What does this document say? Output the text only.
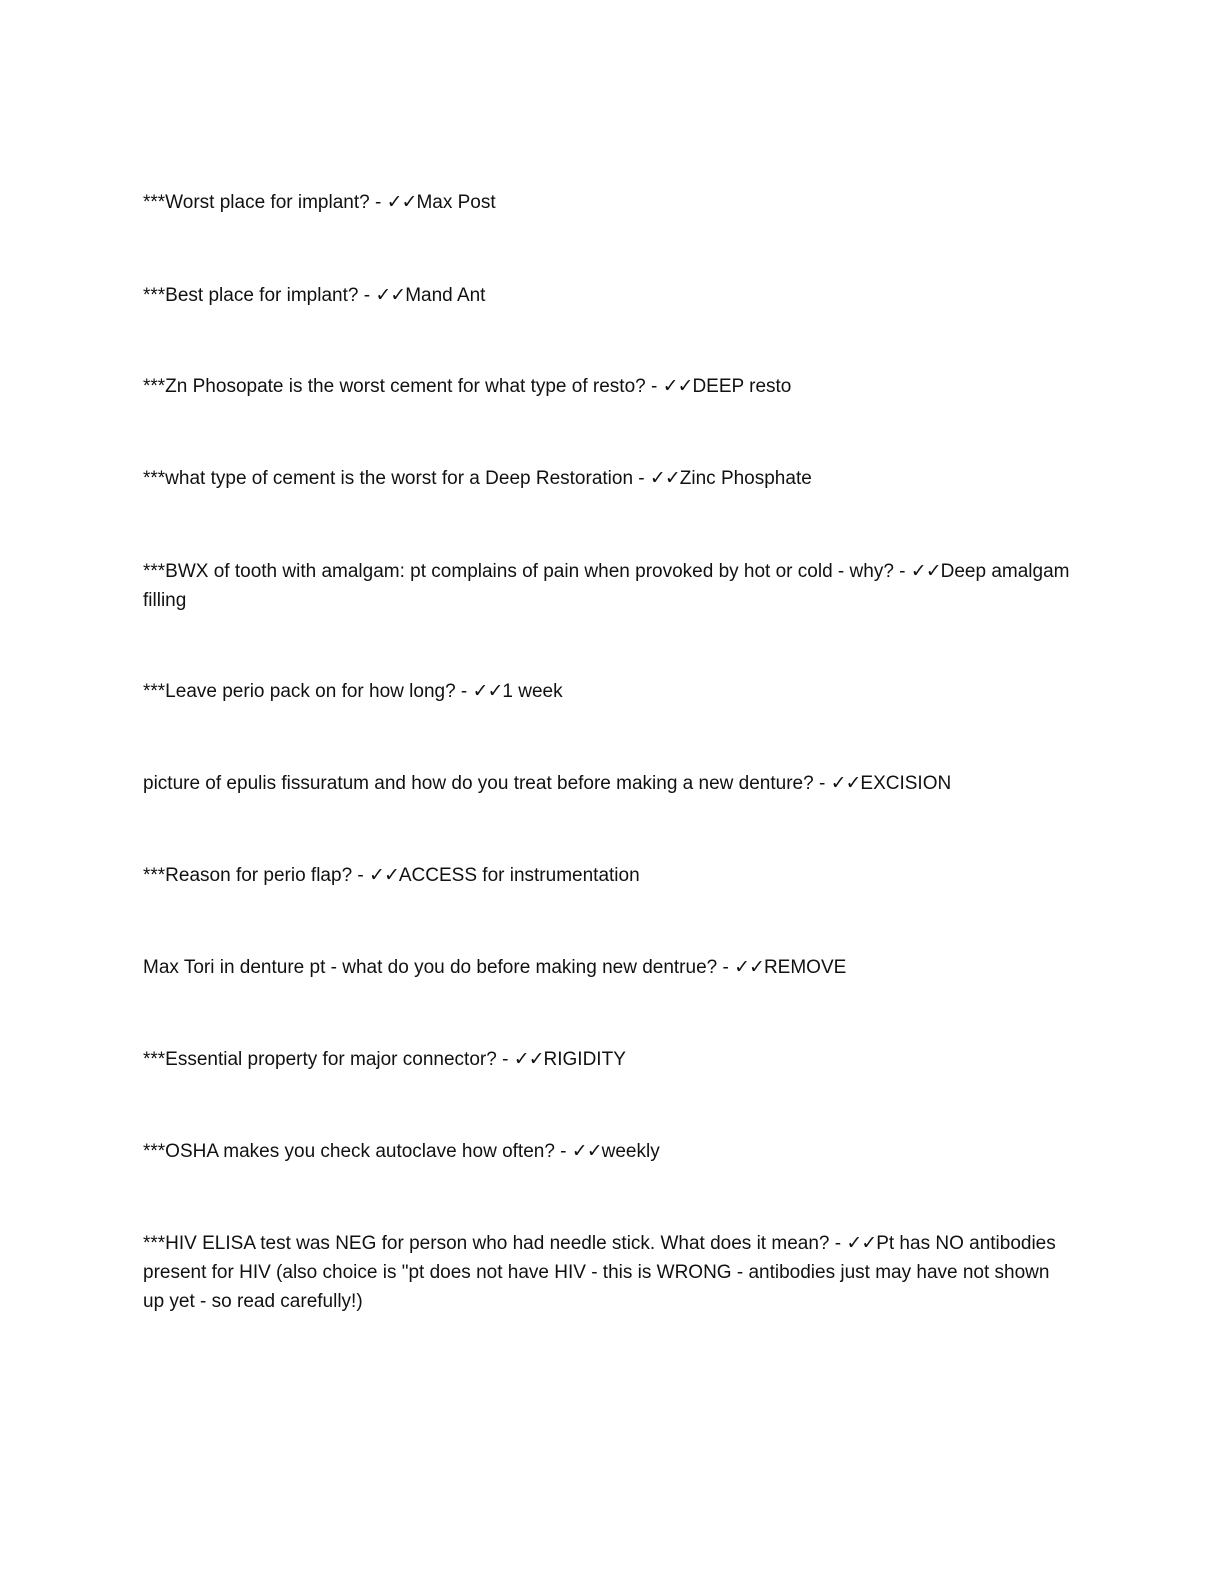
***Worst place for implant? - ✓✓Max Post

***Best place for implant? - ✓✓Mand Ant

***Zn Phosopate is the worst cement for what type of resto? - ✓✓DEEP resto

***what type of cement is the worst for a Deep Restoration - ✓✓Zinc Phosphate

***BWX of tooth with amalgam: pt complains of pain when provoked by hot or cold - why? - ✓✓Deep amalgam filling

***Leave perio pack on for how long? - ✓✓1 week

picture of epulis fissuratum and how do you treat before making a new denture? - ✓✓EXCISION

***Reason for perio flap? - ✓✓ACCESS for instrumentation

Max Tori in denture pt - what do you do before making new dentrue? - ✓✓REMOVE

***Essential property for major connector? - ✓✓RIGIDITY

***OSHA makes you check autoclave how often? - ✓✓weekly

***HIV ELISA test was NEG for person who had needle stick. What does it mean? - ✓✓Pt has NO antibodies present for HIV (also choice is "pt does not have HIV - this is WRONG - antibodies just may have not shown up yet - so read carefully!)
